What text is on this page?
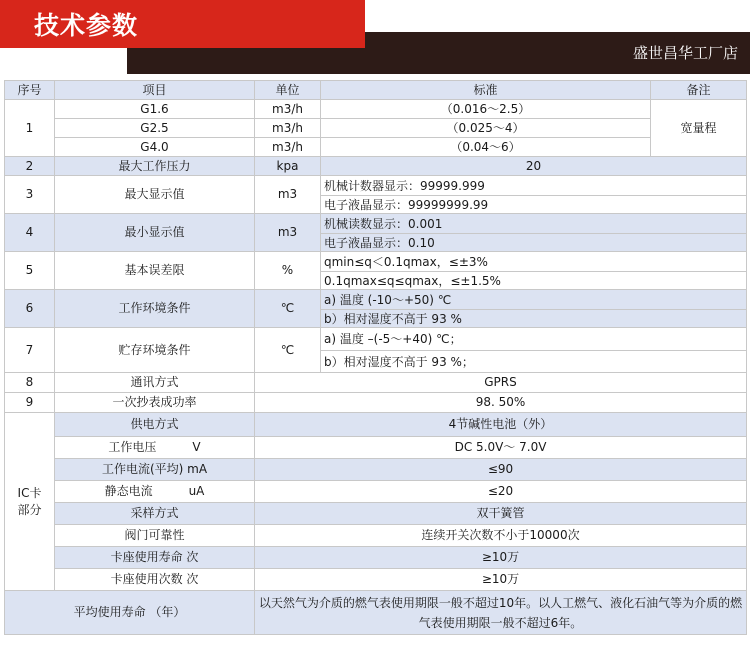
技术参数
盛世昌华工厂店
序号	项目	单位	标准	备注
1	G1.6	m3/h	（0.016～2.5）	宽量程
	G2.5	m3/h	（0.025～4）	
	G4.0	m3/h	（0.04～6）	
2	最大工作压力	kpa	20	
3	最大显示值	m3	机械计数器显示：99999.999
电子液晶显示：99999999.99	

4	最小显示值	m3	机械读数显示：0.001
电子液晶显示：0.10	

5	基本误差限	%	qmin≤q＜0.1qmax，≤±3%
0.1qmax≤q≤qmax，≤±1.5%	

6	工作环境条件	℃	a) 温度 (-10～+50) ℃
b）相对湿度不高于 93 %	

7	贮存环境条件	℃	a) 温度 –(-5～+40) ℃；
b）相对湿度不高于 93 %；	

8	通讯方式	GPRS		
9	一次抄表成功率	98. 50%		

IC卡
部分	供电方式	4节碱性电池（外）		
	工作电压　　　V	DC 5.0V～ 7.0V		
	工作电流(平均) mA	≤90		
	静态电流　　　uA	≤20		
	采样方式	双干簧管		
	阀门可靠性	连续开关次数不小于10000次		
	卡座使用寿命 次	≥10万		
	卡座使用次数 次	≥10万		
平均使用寿命 （年）		以天然气为介质的燃气表使用期限一般不超过10年。以人工燃气、液化石油气等为介质的燃气表使用期限一般不超过6年。		
